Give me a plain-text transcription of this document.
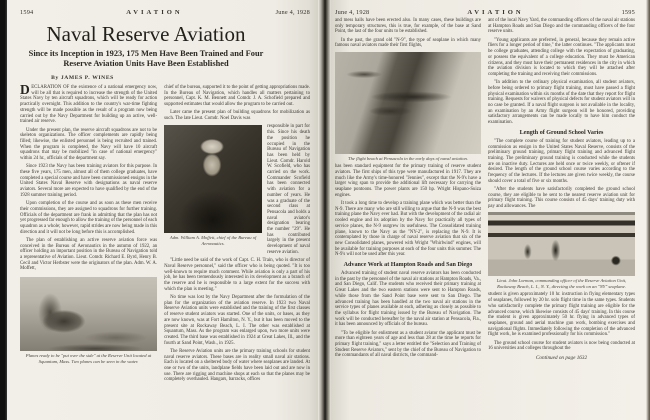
1594	AVIATION	June 4, 1928
Naval Reserve Aviation
Since its Inception in 1923, 175 Men Have Been Trained and Four
Reserve Aviation Units Have Been Established
By JAMES P. WINES

DECLARATION OF the existence of a national emergency now, will be all that is required to increase the strength of the United States Navy by ten aircraft squadrons, which will be ready for action practically overnight. This addition to the country's war-time fighting strength will be made possible as the result of a program now being carried out by the Navy Department for building up an active, well-trained air reserve.

Under the present plan, the reserve aircraft squadrons are not to be skeleton organizations. The officer complements are rapidly being filled; likewise, the enlisted personnel is being recruited and trained. When the program is completed, the Navy will have 10 aircraft squadrons that may be mobilized "in case of national emergency" within 24 hr., officials of the department say.

Since 1923 the Navy has been training aviators for this purpose. In these five years, 175 men, almost all of them college graduates, have completed a special course and have been commissioned ensigns in the United States Naval Reserve with designations as naval reserve aviators. Several more are expected to have qualified by the end of the 1928 summer training period.

Upon completion of the course and as soon as these men receive their commissions, they are assigned to squadrons for further training. Officials of the department are frank in admitting that the plan has not yet progressed far enough to allow the training of the personnel of each squadron as a whole; however, rapid strides are now being made in this direction and it will not be long before this is accomplished.

The plan of establishing an active reserve aviation force was conceived in the Bureau of Aeronautics in the autumn of 1922, an officer holding an important position in the Bureau of Navigation told a representative of Aviation. Lieut. Comdr. Richard E. Byrd, Henry B. Cecil and Victor Herbster were the originators of the plan. Adm. W. A. Moffett,

Planes ready to be "put over the side" at the Reserve Unit located at Squantum, Mass. Two planes can be seen in the water.

chief of the bureau, supported it to the point of getting appropriations made. In the Bureau of Navigation, which handles all matters pertaining to personnel, Capt. K. M. Bennett and Comdr. J. A. Schofield prepared and supported estimates that would allow the program to be carried out.

Later came the present plan of building squadrons for mobilization as such. The late Lieut. Comdr. Noel Davis was

Adm. William A. Moffett, chief of the Bureau of Aeronautics.

responsible in part for this. Since his death the position he occupied in the Bureau of Navigation has been held by Lieut. Comdr. Harold W. Scofield, who has carried on the work. Commander Scofield has been connected with aviation for a number of years. He was a graduate of the second class at Pensacola and holds a naval aviator's designation bearing the number "29". He has contributed largely in the present development of naval reserve aviation.

"Little need be said of the work of Capt. C. H. Train, who is director of Naval Reserve personnel," said the officer who is being quoted. "It is too well-known to require much comment. While aviation is only a part of his job, he has been tremendously interested in its development as a branch of the reserve and he is responsible to a large extent for the success with which the plan is meeting."

No time was lost by the Navy Department after the formulation of the plan for the organization of the aviation reserve. In 1923 two Naval Reserve Aviation units were established and the training of the first classes of reserve student aviators was started. One of the units, or bases, as they are now known, was at Fort Hamilton, N. Y., but it has been moved to the present site at Rockaway Beach, L. I. The other was established at Squantum, Mass. As the program was enlarged upon, two more units were created. The third base was established in 1924 at Great Lakes, Ill., and the fourth at Sand Point, Wash., in 1925.

The Reserve Aviation units are the primary training schools for student naval reserve aviators. These bases are in reality small naval air stations. Each is located on a sheltered body of water where seaplanes are landed. At one or two of the units, landplane fields have been laid out and are now in use. There are rigging and machine shops at each so that the planes may be completely overhauled. Hangars, barracks, offices

June 4, 1928	AVIATION	1595

and mess halls have been erected also. In many cases, these buildings are only temporary structures, this is true, for example, of the base at Sand Point, the last of the four units to be established.

In the past, the grand old "N-9", the type of seaplane in which many famous naval aviators made their first flights,

The flight beach at Pensacola in the early days of naval aviation.

has been standard equipment for the primary training of reserve student aviators. The first ships of this type were manufactured in 1917. They are much like the Army's time-honored "Jennies", except that the N-9's have a larger wing span to provide the additional lift necessary for carrying the seaplane pontoons. The power plants are 150 hp. Wright Hispano-Suiza engines.

It took a long time to develop a training plane which was better than the N-9. There are many who are still willing to argue that the N-9 was the best training plane the Navy ever had. But with the development of the radial air cooled engine and its adoption by the Navy for practically all types of service planes, the N-9 outgrew its usefulness. The Consolidated training plane, known to the Navy as the "NY-2", is replacing the N-9. It is contemplated by those in charge of naval reserve aviation that six of the new Consolidated planes, powered with Wright "Whirlwind" engines, will be available for training purposes at each of the four units this summer. The N-9's will not be used after this year.

Advance Work at Hampton Roads and San Diego

Advanced training of student naval reserve aviators has been conducted in the past by the personnel of the naval air stations at Hampton Roads, Va., and San Diego, Calif. The students who received their primary training at Great Lakes and the two eastern stations were sent to Hampton Roads, while those from the Sand Point base were sent to San Diego. The advanced training has been handled at the two naval air stations in the service types of planes available at each, adhering as closely as possible to the syllabus for flight training issued by the Bureau of Navigation. The work will be conducted hereafter by the naval air station at Pensacola, Fla., it has been announced by officials of the bureau.

"To be eligible for enlistment as a student aviator the applicant must be more than eighteen years of age and less than 28 at the time he reports for primary flight training," says a letter entitled the "Selection and Training of Student Reserve Aviators," sent by the chief of the Bureau of Navigation to the commandants of all naval districts, the command-

ant of the local Navy Yard, the commanding officers of the naval air stations at Hampton Roads and San Diego and the commanding officers of the four reserve units.

"Young applicants are preferred, in general, because they remain active fliers for a longer period of time," the latter continues. "The applicants must be college graduates, attending college with the expectation of graduating, or possess the equivalent of a college education. They must be American citizens, and they must have their permanent residences in the city in which the aviation division is located to which they will be attached after completing the training and receiving their commissions.

"In addition to the ordinary physical examination, all student aviators, before being ordered to primary flight training, must have passed a flight physical examination within six months of the date that they report for flight training. Requests for waivers of physical defects for student aviators will in no case be granted. If a naval flight surgeon is not available in the locality, an examination by an Army flight surgeon will be honored, providing satisfactory arrangements can be made locally to have him conduct the examination.

Length of Ground School Varies

"The complete course of training for student aviators, leading up to a commission as ensign in the United States Naval Reserve, consists of the preliminary ground training, primary flight training and advanced flight training. The preliminary ground training is conducted while the students are on inactive duty. Lectures are held once or twice weekly, or oftener if desired. The length of the ground school course varies according to the frequency of the lectures. If the lectures are given twice weekly, the course should cover a total of five or six months.

"After the students have satisfactorily completed the ground school course, they are eligible to be sent to the nearest reserve aviation unit for primary flight training. This course consists of 45 days' training duty with pay and allowances. The

Lieut. John Lorman, commanding officer of the Reserve Aviation Unit, Rockaway Beach, L. I., N. Y., directing the work on an "NY" seaplane.

student is given approximately 10 hr. instruction in flying elementary types of seaplanes, followed by 20 hr. solo flight time in the same types. Students who satisfactorily complete the primary flight training are eligible for the advanced course, which likewise consists of 45 days' training. In this course the student is given approximately 50 hr. flying in advanced types of seaplanes, ground and aerial machine gun work, bombing exercises and navigational flights. Immediately following the completion of the advanced flight work, he is examined professionally for his commission."

The ground school course for student aviators is now being conducted at 16 universities and colleges throughout the

Continued on page 1632
